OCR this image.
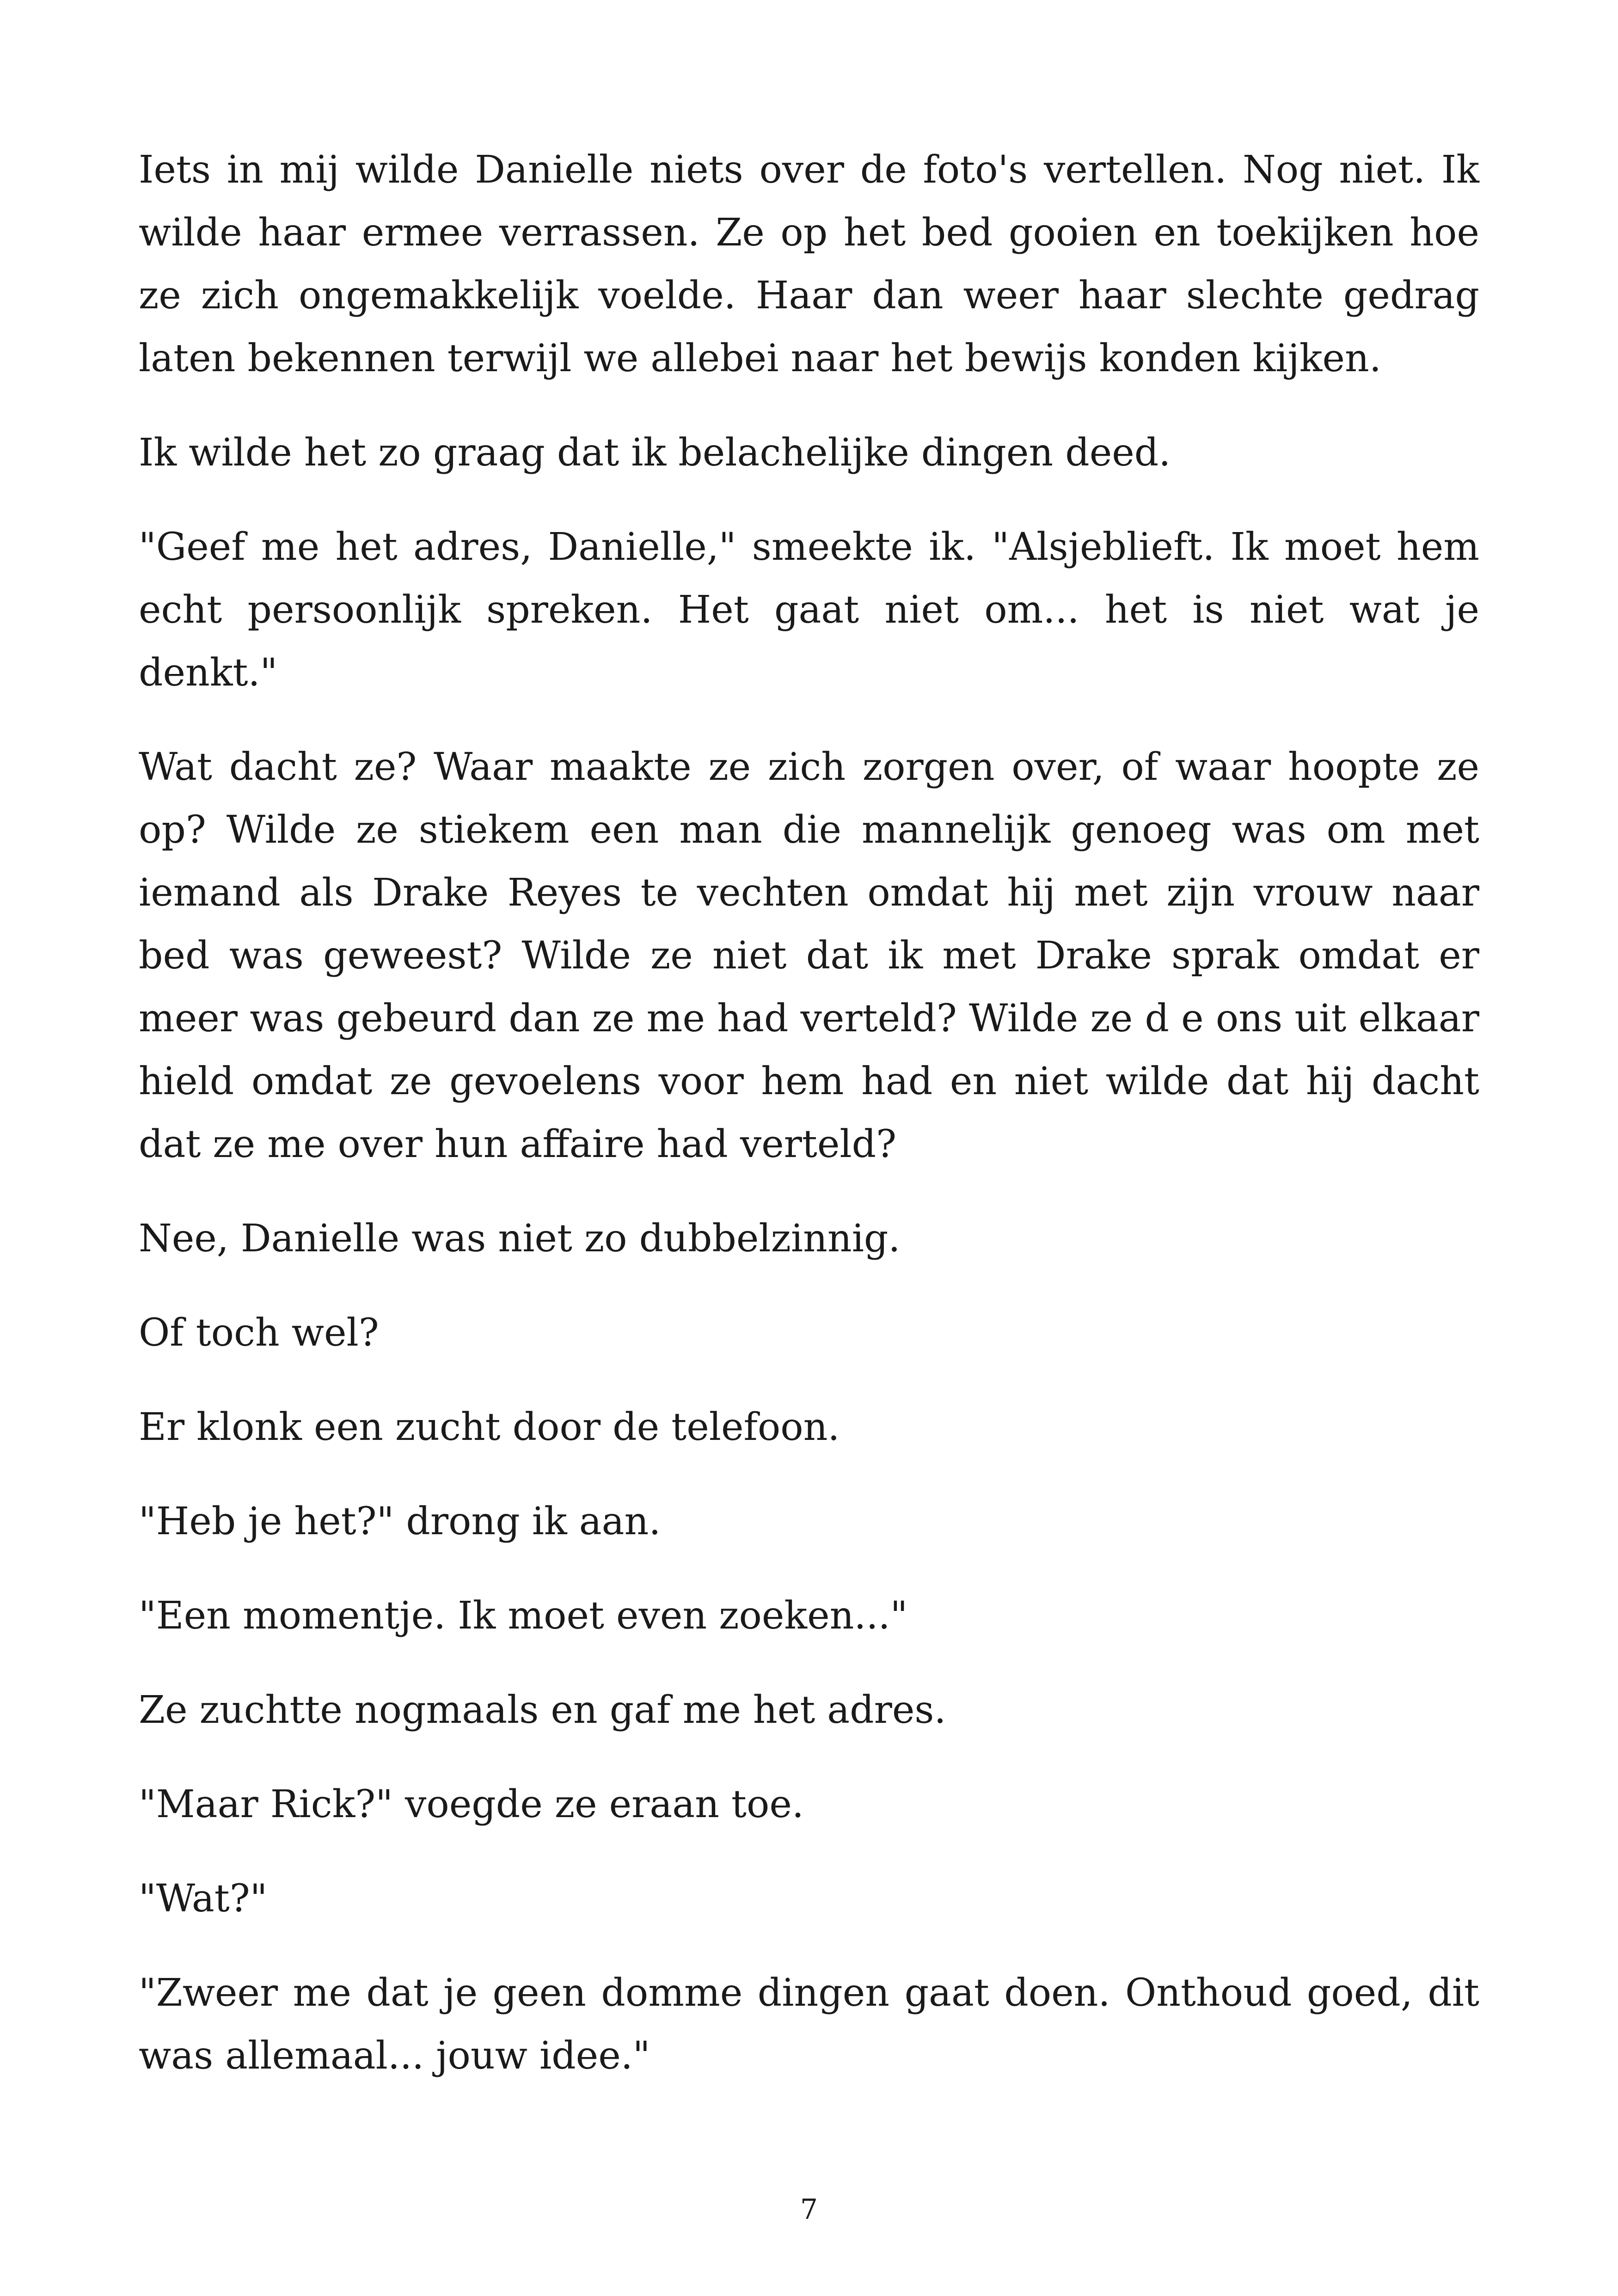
Iets in mij wilde Danielle niets over de foto's vertellen. Nog niet. Ik wilde haar ermee verrassen. Ze op het bed gooien en toekijken hoe ze zich ongemakkelijk voelde. Haar dan weer haar slechte gedrag laten bekennen terwijl we allebei naar het bewijs konden kijken.

Ik wilde het zo graag dat ik belachelijke dingen deed.

"Geef me het adres, Danielle," smeekte ik. "Alsjeblieft. Ik moet hem echt persoonlijk spreken. Het gaat niet om... het is niet wat je denkt."

Wat dacht ze? Waar maakte ze zich zorgen over, of waar hoopte ze op? Wilde ze stiekem een man die mannelijk genoeg was om met iemand als Drake Reyes te vechten omdat hij met zijn vrouw naar bed was geweest? Wilde ze niet dat ik met Drake sprak omdat er meer was gebeurd dan ze me had verteld? Wilde ze d e ons uit elkaar hield omdat ze gevoelens voor hem had en niet wilde dat hij dacht dat ze me over hun affaire had verteld?

Nee, Danielle was niet zo dubbelzinnig.

Of toch wel?

Er klonk een zucht door de telefoon.

"Heb je het?" drong ik aan.

"Een momentje. Ik moet even zoeken..."

Ze zuchtte nogmaals en gaf me het adres.

"Maar Rick?" voegde ze eraan toe.

"Wat?"

"Zweer me dat je geen domme dingen gaat doen. Onthoud goed, dit was allemaal... jouw idee."

7
